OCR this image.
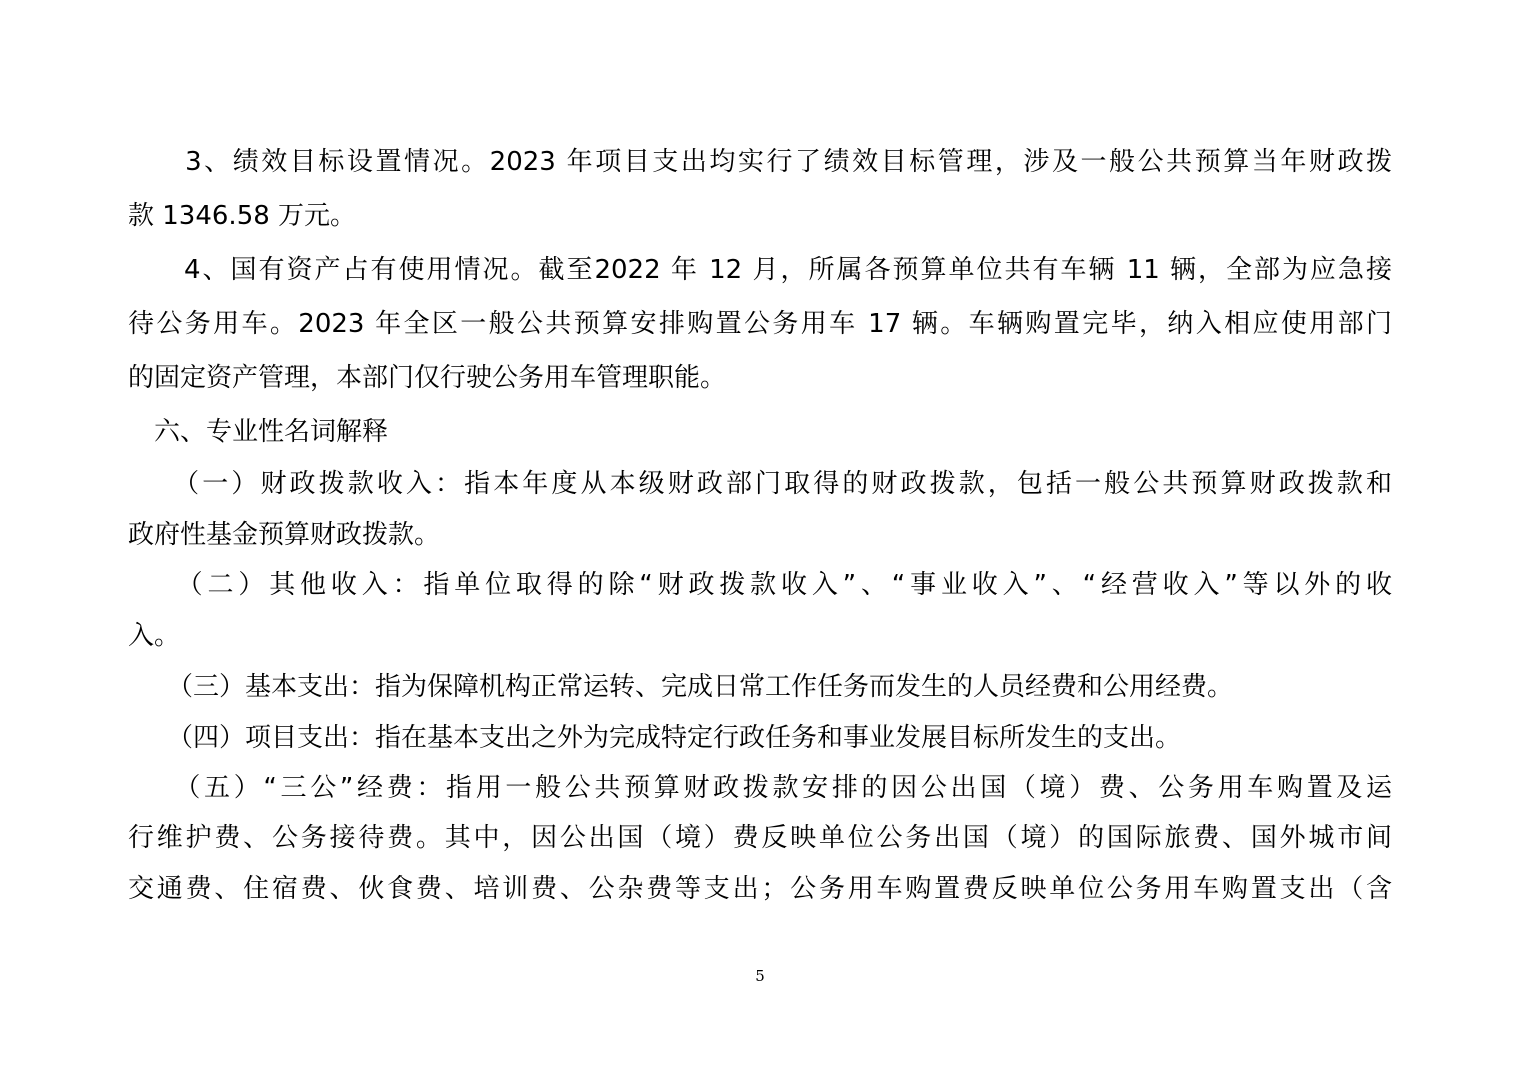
　　3、绩效目标设置情况。2023 年项目支出均实行了绩效目标管理，涉及一般公共预算当年财政拨
款 1346.58 万元。
　　4、国有资产占有使用情况。截至2022 年 12 月，所属各预算单位共有车辆 11 辆，全部为应急接
待公务用车。2023 年全区一般公共预算安排购置公务用车 17 辆。车辆购置完毕，纳入相应使用部门
的固定资产管理，本部门仅行驶公务用车管理职能。
　六、专业性名词解释
　　（一）财政拨款收入：指本年度从本级财政部门取得的财政拨款，包括一般公共预算财政拨款和
政府性基金预算财政拨款。
　　（二）其他收入：指单位取得的除“财政拨款收入”、“事业收入”、“经营收入”等以外的收
入。
　　（三）基本支出：指为保障机构正常运转、完成日常工作任务而发生的人员经费和公用经费。
　　（四）项目支出：指在基本支出之外为完成特定行政任务和事业发展目标所发生的支出。
　　（五）“三公”经费：指用一般公共预算财政拨款安排的因公出国（境）费、公务用车购置及运
行维护费、公务接待费。其中，因公出国（境）费反映单位公务出国（境）的国际旅费、国外城市间
交通费、住宿费、伙食费、培训费、公杂费等支出；公务用车购置费反映单位公务用车购置支出（含
5
